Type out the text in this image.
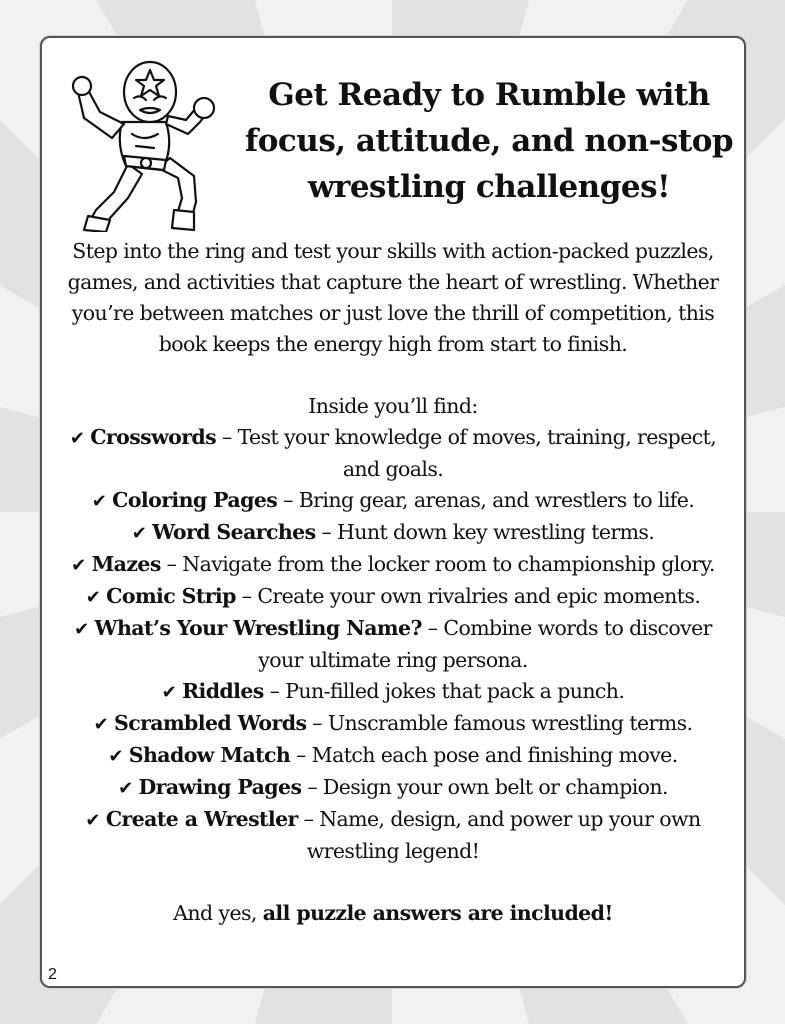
Get Ready to Rumble with focus, attitude, and non-stop wrestling challenges!

Step into the ring and test your skills with action-packed puzzles, games, and activities that capture the heart of wrestling. Whether you’re between matches or just love the thrill of competition, this book keeps the energy high from start to finish.

Inside you’ll find:

✔ Crosswords – Test your knowledge of moves, training, respect, and goals.
✔ Coloring Pages – Bring gear, arenas, and wrestlers to life.
✔ Word Searches – Hunt down key wrestling terms.
✔ Mazes – Navigate from the locker room to championship glory.
✔ Comic Strip – Create your own rivalries and epic moments.
✔ What’s Your Wrestling Name? – Combine words to discover your ultimate ring persona.
✔ Riddles – Pun-filled jokes that pack a punch.
✔ Scrambled Words – Unscramble famous wrestling terms.
✔ Shadow Match – Match each pose and finishing move.
✔ Drawing Pages – Design your own belt or champion.
✔ Create a Wrestler – Name, design, and power up your own wrestling legend!

And yes, all puzzle answers are included!

2
